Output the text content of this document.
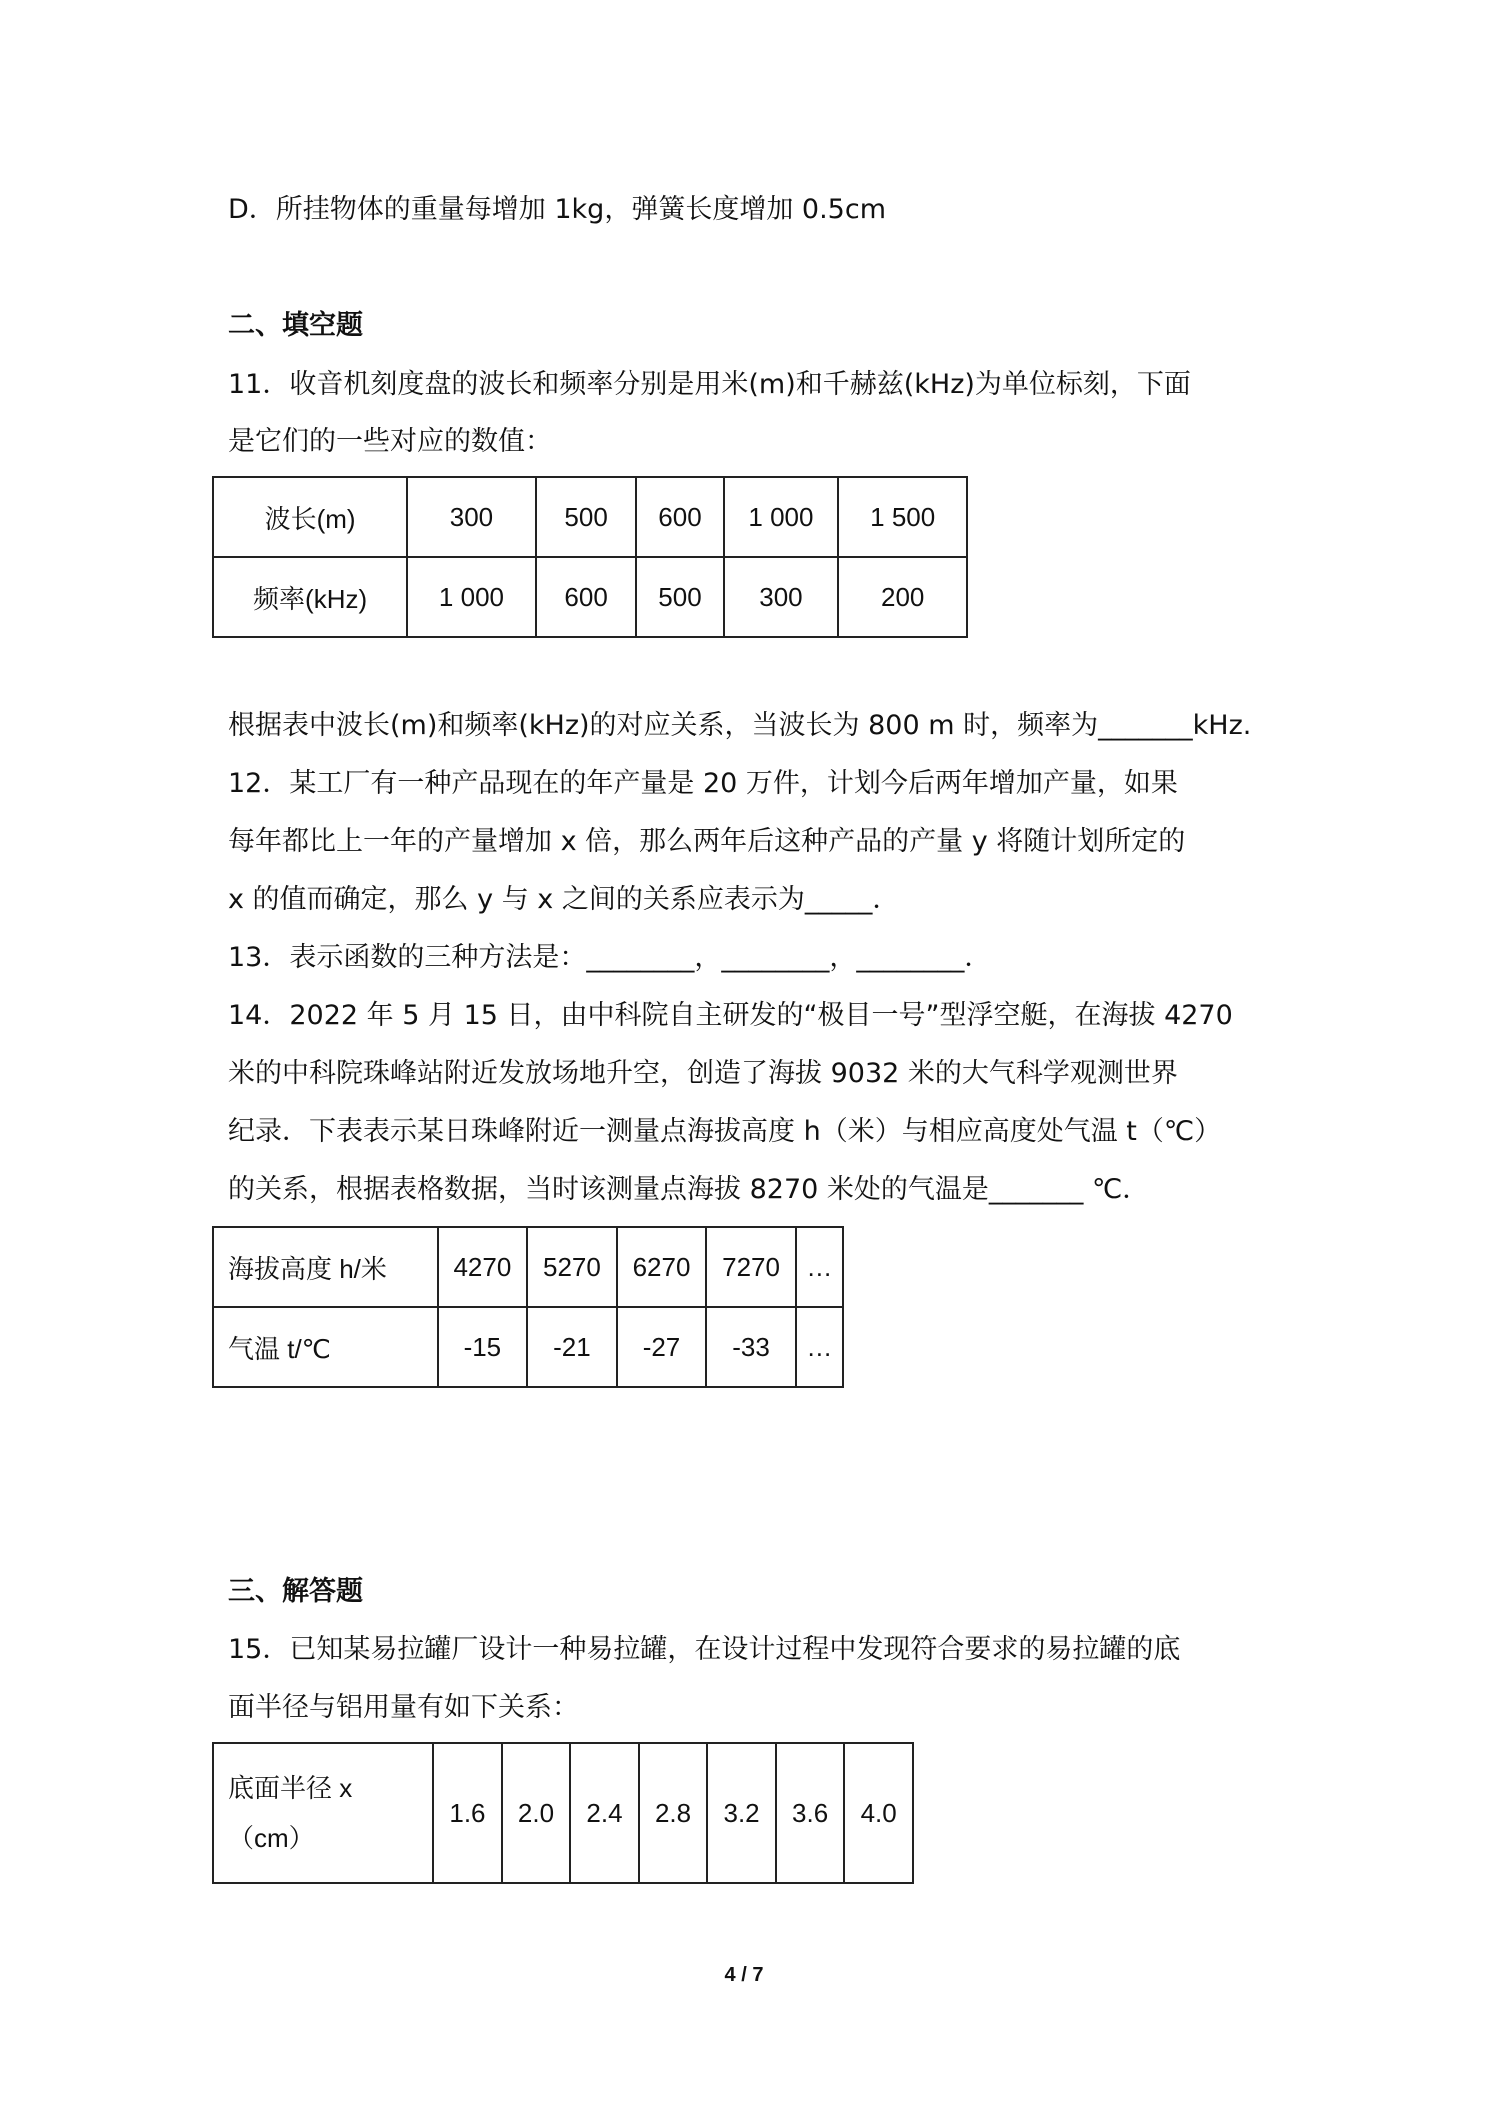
D．所挂物体的重量每增加 1kg，弹簧长度增加 0.5cm
二、填空题
11．收音机刻度盘的波长和频率分别是用米(m)和千赫兹(kHz)为单位标刻，下面
是它们的一些对应的数值：
波长(m)	300	500	600	1 000	1 500
频率(kHz)	1 000	600	500	300	200
根据表中波长(m)和频率(kHz)的对应关系，当波长为 800 m 时，频率为_______kHz.
12．某工厂有一种产品现在的年产量是 20 万件，计划今后两年增加产量，如果
每年都比上一年的产量增加 x 倍，那么两年后这种产品的产量 y 将随计划所定的
x 的值而确定，那么 y 与 x 之间的关系应表示为_____．
13．表示函数的三种方法是：________，________，________．
14．2022 年 5 月 15 日，由中科院自主研发的“极目一号”型浮空艇，在海拔 4270
米的中科院珠峰站附近发放场地升空，创造了海拔 9032 米的大气科学观测世界
纪录．下表表示某日珠峰附近一测量点海拔高度 h（米）与相应高度处气温 t（℃）
的关系，根据表格数据，当时该测量点海拔 8270 米处的气温是_______ ℃．
海拔高度 h/米	4270	5270	6270	7270	…
气温 t/℃	-15	-21	-27	-33	…
三、解答题
15．已知某易拉罐厂设计一种易拉罐，在设计过程中发现符合要求的易拉罐的底
面半径与铝用量有如下关系：
底面半径 x
（cm）
	1.6	2.0	2.4	2.8	3.2	3.6	4.0
4 / 7
